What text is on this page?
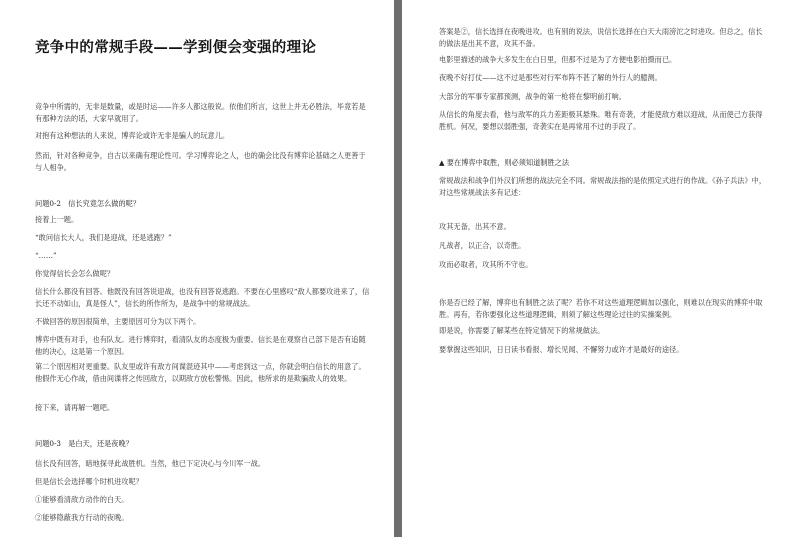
竞争中的常规手段——学到便会变强的理论

竞争中所需的，无非是数量，或是时运——许多人都这般说。依他们所言，这世上并无必胜法，毕竟若是有那种方法的话，大家早就用了。

对抱有这种想法的人来说，博弈论或许无非是骗人的玩意儿。

然而，针对各种竞争，自古以来确有理论性可。学习博弈论之人，也的确会比没有博弈论基础之人更善于与人相争。

问题0-2　信长究竟怎么做的呢？

接着上一题。

“敢问信长大人，我们是迎战，还是逃跑？”

“……”

你觉得信长会怎么做呢？

信长什么都没有回答。他既没有回答说迎战，也没有回答说逃跑。不要在心里感叹“敌人都要攻进来了，信长还不动如山，真是怪人”，信长的所作所为，是战争中的常规战法。

不做回答的原因很简单，主要原因可分为以下两个。

博弈中既有对手，也有队友。进行博弈时，看清队友的态度极为重要。信长是在观察自己部下是否有追随他的决心，这是第一个原因。

第二个原因相对更重要。队友里或许有敌方间谍混迹其中——考虑到这一点，你就会明白信长的用意了。他假作无心作战，借由间谍将之传回敌方，以期敌方放松警惕。因此，他所求的是欺骗敌人的效果。

接下来，请再解一题吧。

问题0-3　是白天，还是夜晚？

信长没有回答，暗地探寻此战胜机。当然，他已下定决心与今川军一战。

但是信长会选择哪个时机进攻呢？

①能够看清敌方动作的白天。

②能够隐蔽我方行动的夜晚。

答案是②，信长选择在夜晚进攻。也有别的说法，说信长选择在白天大雨滂沱之时进攻。但总之，信长的做法是出其不意，攻其不备。

电影里描述的战争大多发生在白日里，但那不过是为了方便电影拍摄而已。

夜晚不好打仗——这不过是那些对行军布阵不甚了解的外行人的臆测。

大部分的军事专家都预测，战争的第一枪将在黎明前打响。

从信长的角度去看，他与敌军的兵力差距极其悬殊。唯有奇袭，才能使敌方难以迎战，从而使己方获得胜机。何况，要想以弱胜强，奇袭实在是再常用不过的手段了。

▲ 要在博弈中取胜，则必须知道制胜之法

常规战法和战争们外汉们所想的战法完全不同。常规战法指的是依照定式进行的作战。《孙子兵法》中，对这些常规战法多有记述：

攻其无备，出其不意。

凡战者，以正合，以奇胜。

攻而必取者，攻其所不守也。

你是否已经了解，博弈也有制胜之法了呢？若你不对这些道理逻辑加以强化，则难以在现实的博弈中取胜。再有，若你要强化这些道理逻辑，则须了解这些理论过往的实操案例。

即是说，你需要了解某些在特定情况下的常规做法。

要掌握这些知识，日日读书看报、增长见闻、不懈努力或许才是最好的途径。
